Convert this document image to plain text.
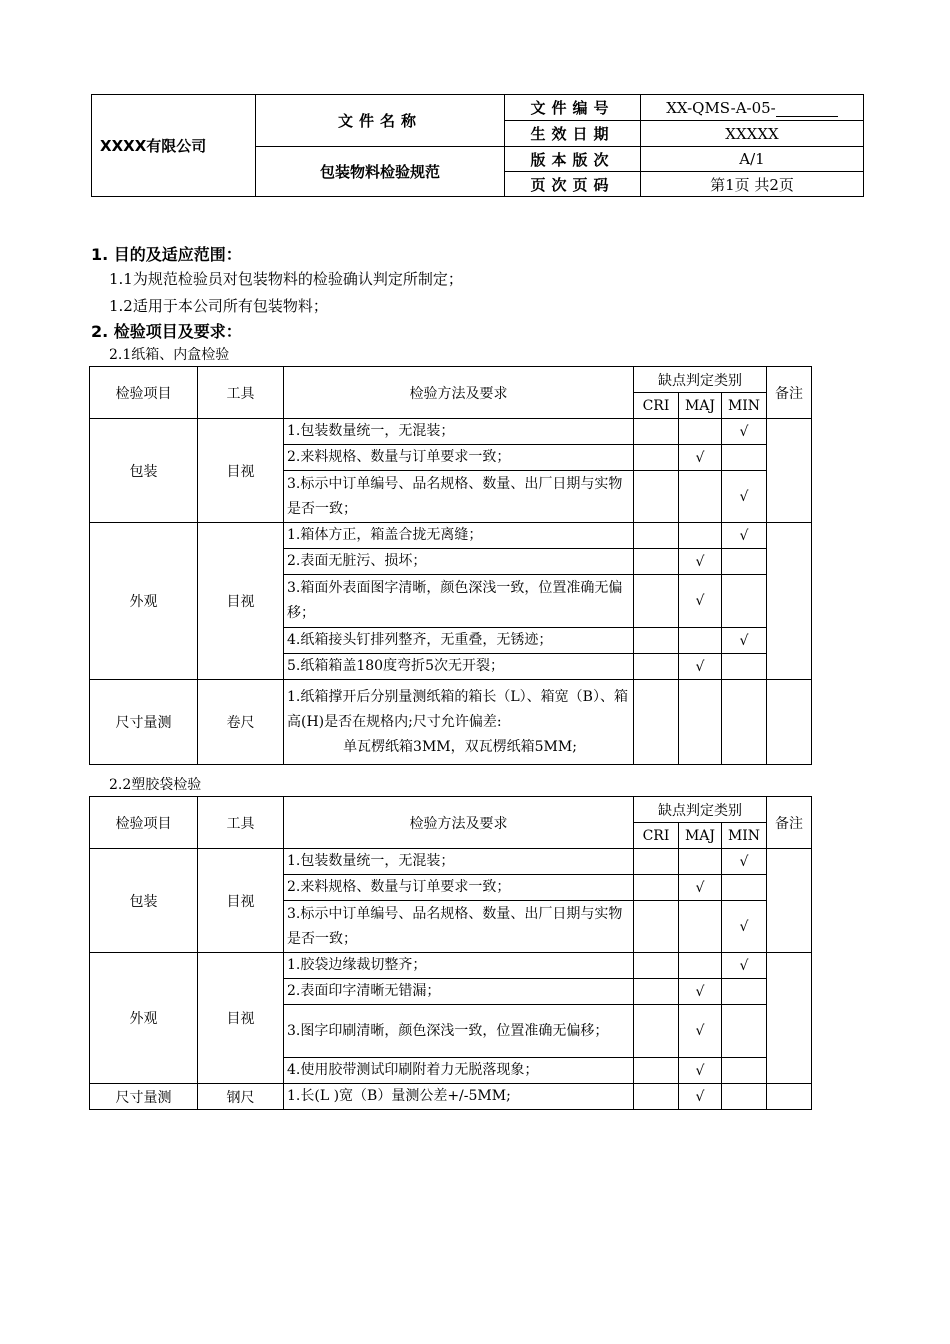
XXXX有限公司	文件名称	文件编号	XX-QMS-A-05-
		生效日期	XXXXX
	包装物料检验规范	版本版次	A/1
		页次页码	第1页 共2页
1. 目的及适应范围：
1.1为规范检验员对包装物料的检验确认判定所制定；
1.2适用于本公司所有包装物料；
2. 检验项目及要求：
2.1纸箱、内盒检验
检验项目	工具	检验方法及要求	缺点判定类别			备注
			CRI	MAJ	MIN	
包装	目视	1.包装数量统一，无混装；			√	
		2.来料规格、数量与订单要求一致；		√		
		3.标示中订单编号、品名规格、数量、出厂日期与实物是否一致；			√	
外观	目视	1.箱体方正，箱盖合拢无离缝；			√	
		2.表面无脏污、损坏；		√		
		3.箱面外表面图字清晰，颜色深浅一致，位置准确无偏移；		√		
		4.纸箱接头钉排列整齐，无重叠，无锈迹；			√	
		5.纸箱箱盖180度弯折5次无开裂；		√		
尺寸量测	卷尺	1.纸箱撑开后分别量测纸箱的箱长（L）、箱宽（B）、箱高(H)是否在规格内;尺寸允许偏差:
单瓦楞纸箱3MM，双瓦楞纸箱5MM;				

2.2塑胶袋检验
检验项目	工具	检验方法及要求	缺点判定类别			备注
			CRI	MAJ	MIN	
包装	目视	1.包装数量统一，无混装；			√	
		2.来料规格、数量与订单要求一致；		√		
		3.标示中订单编号、品名规格、数量、出厂日期与实物是否一致；			√	
外观	目视	1.胶袋边缘裁切整齐；			√	
		2.表面印字清晰无错漏；		√		
		3.图字印刷清晰，颜色深浅一致，位置准确无偏移；		√		
		4.使用胶带测试印刷附着力无脱落现象；		√		
尺寸量测	钢尺	1.长(L )宽（B）量测公差+/-5MM;		√		
